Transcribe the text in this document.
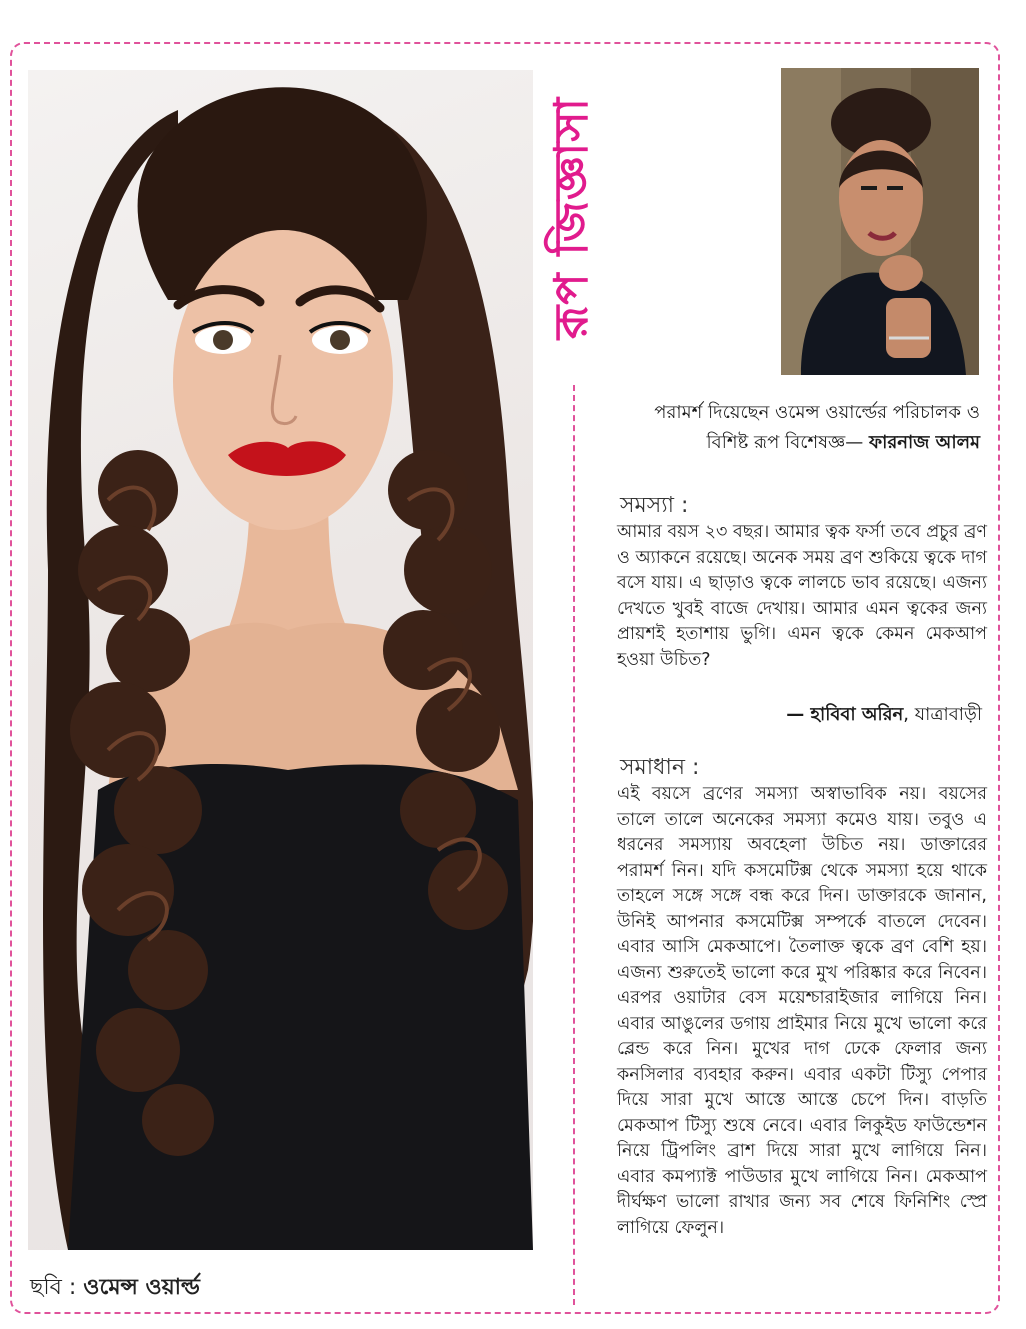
ছবি : ওমেন্স ওয়ার্ল্ড
রূপ জিজ্ঞাসা
পরামর্শ দিয়েছেন ওমেন্স ওয়ার্ল্ডের পরিচালক ও
বিশিষ্ট রূপ বিশেষজ্ঞ— ফারনাজ আলম
সমস্যা :
আমার বয়স ২৩ বছর। আমার ত্বক ফর্সা তবে প্রচুর ব্রণ ও অ্যাকনে রয়েছে। অনেক সময় ব্রণ শুকিয়ে ত্বকে দাগ বসে যায়। এ ছাড়াও ত্বকে লালচে ভাব রয়েছে। এজন্য দেখতে খুবই বাজে দেখায়। আমার এমন ত্বকের জন্য প্রায়শই হতাশায় ভুগি। এমন ত্বকে কেমন মেকআপ হওয়া উচিত?
— হাবিবা অরিন, যাত্রাবাড়ী
সমাধান :
এই বয়সে ব্রণের সমস্যা অস্বাভাবিক নয়। বয়সের তালে তালে অনেকের সমস্যা কমেও যায়। তবুও এ ধরনের সমস্যায় অবহেলা উচিত নয়। ডাক্তারের পরামর্শ নিন। যদি কসমেটিক্স থেকে সমস্যা হয়ে থাকে তাহলে সঙ্গে সঙ্গে বন্ধ করে দিন। ডাক্তারকে জানান, উনিই আপনার কসমেটিক্স সম্পর্কে বাতলে দেবেন। এবার আসি মেকআপে। তৈলাক্ত ত্বকে ব্রণ বেশি হয়। এজন্য শুরুতেই ভালো করে মুখ পরিষ্কার করে নিবেন। এরপর ওয়াটার বেস ময়েশ্চারাইজার লাগিয়ে নিন। এবার আঙুলের ডগায় প্রাইমার নিয়ে মুখে ভালো করে ব্লেন্ড করে নিন। মুখের দাগ ঢেকে ফেলার জন্য কনসিলার ব্যবহার করুন। এবার একটা টিস্যু পেপার দিয়ে সারা মুখে আস্তে আস্তে চেপে দিন। বাড়তি মেকআপ টিস্যু শুষে নেবে। এবার লিকুইড ফাউন্ডেশন নিয়ে ট্রিপলিং ব্রাশ দিয়ে সারা মুখে লাগিয়ে নিন। এবার কমপ্যাক্ট পাউডার মুখে লাগিয়ে নিন। মেকআপ দীর্ঘক্ষণ ভালো রাখার জন্য সব শেষে ফিনিশিং স্প্রে লাগিয়ে ফেলুন।
